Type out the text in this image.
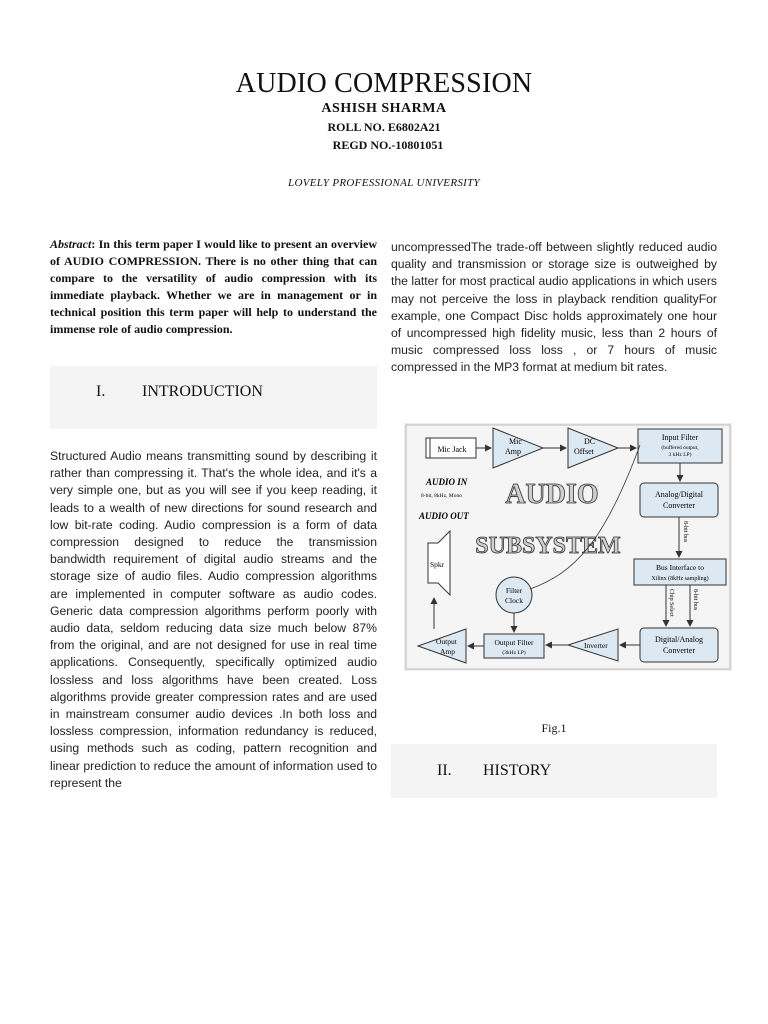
AUDIO COMPRESSION
ASHISH SHARMA
ROLL NO. E6802A21
REGD NO.-10801051
LOVELY PROFESSIONAL UNIVERSITY
Abstract: In this term paper I would like to present an overview of AUDIO COMPRESSION. There is no other thing that can compare to the versatility of audio compression with its immediate playback. Whether we are in management or in technical position this term paper will help to understand the immense role of audio compression.
I. INTRODUCTION
Structured Audio means transmitting sound by describing it rather than compressing it. That's the whole idea, and it's a very simple one, but as you will see if you keep reading, it leads to a wealth of new directions for sound research and low bit-rate coding. Audio compression is a form of data compression designed to reduce the transmission bandwidth requirement of digital audio streams and the storage size of audio files. Audio compression algorithms are implemented in computer software as audio codes. Generic data compression algorithms perform poorly with audio data, seldom reducing data size much below 87% from the original, and are not designed for use in real time applications. Consequently, specifically optimized audio lossless and loss algorithms have been created. Loss algorithms provide greater compression rates and are used in mainstream consumer audio devices .In both loss and lossless compression, information redundancy is reduced, using methods such as coding, pattern recognition and linear prediction to reduce the amount of information used to represent the
uncompressedThe trade-off between slightly reduced audio quality and transmission or storage size is outweighed by the latter for most practical audio applications in which users may not perceive the loss in playback rendition qualityFor example, one Compact Disc holds approximately one hour of uncompressed high fidelity music, less than 2 hours of music compressed loss loss , or 7 hours of music compressed in the MP3 format at medium bit rates.
Mic Jack
Mic
Amp
DC
Offset
Input Filter
(buffered output,
3 kHz LP)
AUDIO IN
8-bit, 8kHz, Mono
AUDIO OUT
AUDIO
SUBSYSTEM
Analog/Digital
Converter
8-bit bus
Bus Interface to
Xilinx (8kHz sampling)
Chip Select	8-bit bus
Digital/Analog
Converter
Inverter
Output Filter
(3kHz LP)
Output
Amp
Filter
Clock
Spkr
Fig.1
II. HISTORY
